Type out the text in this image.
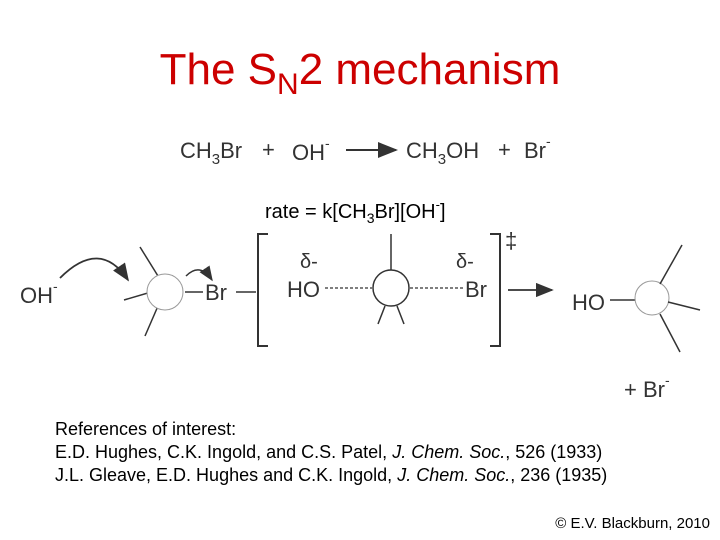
The $S_N2$ mechanism
$CH_3Br + OH^-$	$CH_3OH + Br^-$
rate = $k[CH_3Br][OH^-]$
OH-	Br
‡
δ-	δ-
HO	Br
HO
+ Br-
References of interest:
E.D. Hughes, C.K. Ingold, and C.S. Patel, J. Chem. Soc., 526 (1933)
J.L. Gleave, E.D. Hughes and C.K. Ingold, J. Chem. Soc., 236 (1935)
© E.V. Blackburn, 2010
